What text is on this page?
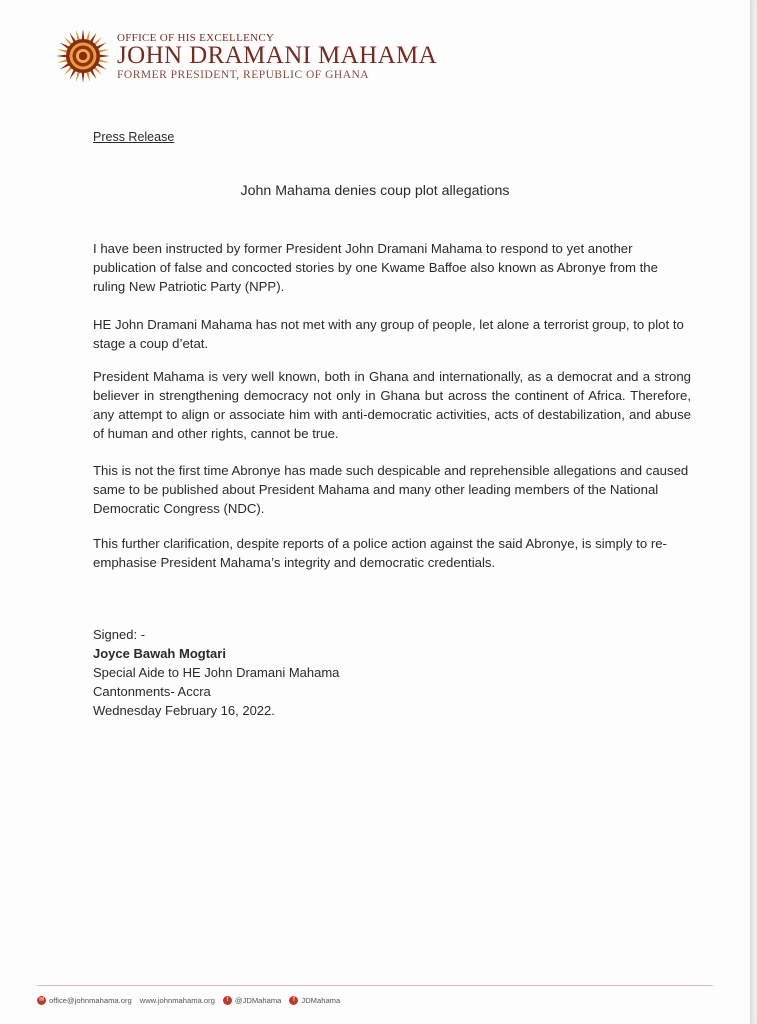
OFFICE OF HIS EXCELLENCY
JOHN DRAMANI MAHAMA
FORMER PRESIDENT, REPUBLIC OF GHANA
Press Release
John Mahama denies coup plot allegations
I have been instructed by former President John Dramani Mahama to respond to yet another publication of false and concocted stories by one Kwame Baffoe also known as Abronye from the ruling New Patriotic Party (NPP).
HE John Dramani Mahama has not met with any group of people, let alone a terrorist group, to plot to stage a coup d’etat.
President Mahama is very well known, both in Ghana and internationally, as a democrat and a strong believer in strengthening democracy not only in Ghana but across the continent of Africa. Therefore, any attempt to align or associate him with anti-democratic activities, acts of destabilization, and abuse of human and other rights, cannot be true.
This is not the first time Abronye has made such despicable and reprehensible allegations and caused same to be published about President Mahama and many other leading members of the National Democratic Congress (NDC).
This further clarification, despite reports of a police action against the said Abronye, is simply to re-emphasise President Mahama’s integrity and democratic credentials.
Signed: -
Joyce Bawah Mogtari
Special Aide to HE John Dramani Mahama
Cantonments- Accra
Wednesday February 16, 2022.
✉ office@johnmahama.org www.johnmahama.org	t @JDMahama	f JDMahama
